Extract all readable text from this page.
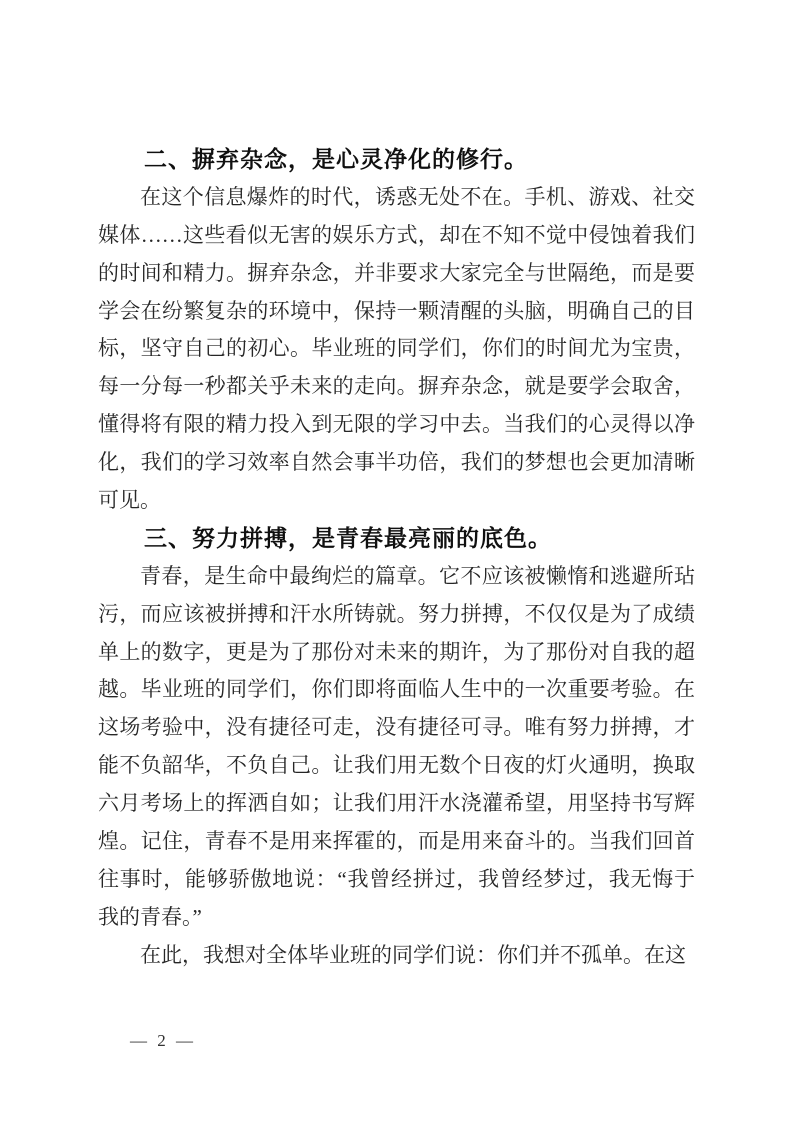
二、摒弃杂念，是心灵净化的修行。
在这个信息爆炸的时代，诱惑无处不在。手机、游戏、社交
媒体……这些看似无害的娱乐方式，却在不知不觉中侵蚀着我们
的时间和精力。摒弃杂念，并非要求大家完全与世隔绝，而是要
学会在纷繁复杂的环境中，保持一颗清醒的头脑，明确自己的目
标，坚守自己的初心。毕业班的同学们，你们的时间尤为宝贵，
每一分每一秒都关乎未来的走向。摒弃杂念，就是要学会取舍，
懂得将有限的精力投入到无限的学习中去。当我们的心灵得以净
化，我们的学习效率自然会事半功倍，我们的梦想也会更加清晰
可见。
三、努力拼搏，是青春最亮丽的底色。
青春，是生命中最绚烂的篇章。它不应该被懒惰和逃避所玷
污，而应该被拼搏和汗水所铸就。努力拼搏，不仅仅是为了成绩
单上的数字，更是为了那份对未来的期许，为了那份对自我的超
越。毕业班的同学们，你们即将面临人生中的一次重要考验。在
这场考验中，没有捷径可走，没有捷径可寻。唯有努力拼搏，才
能不负韶华，不负自己。让我们用无数个日夜的灯火通明，换取
六月考场上的挥洒自如；让我们用汗水浇灌希望，用坚持书写辉
煌。记住，青春不是用来挥霍的，而是用来奋斗的。当我们回首
往事时，能够骄傲地说：“我曾经拼过，我曾经梦过，我无悔于
我的青春。”
在此，我想对全体毕业班的同学们说：你们并不孤单。在这
— 2 —
